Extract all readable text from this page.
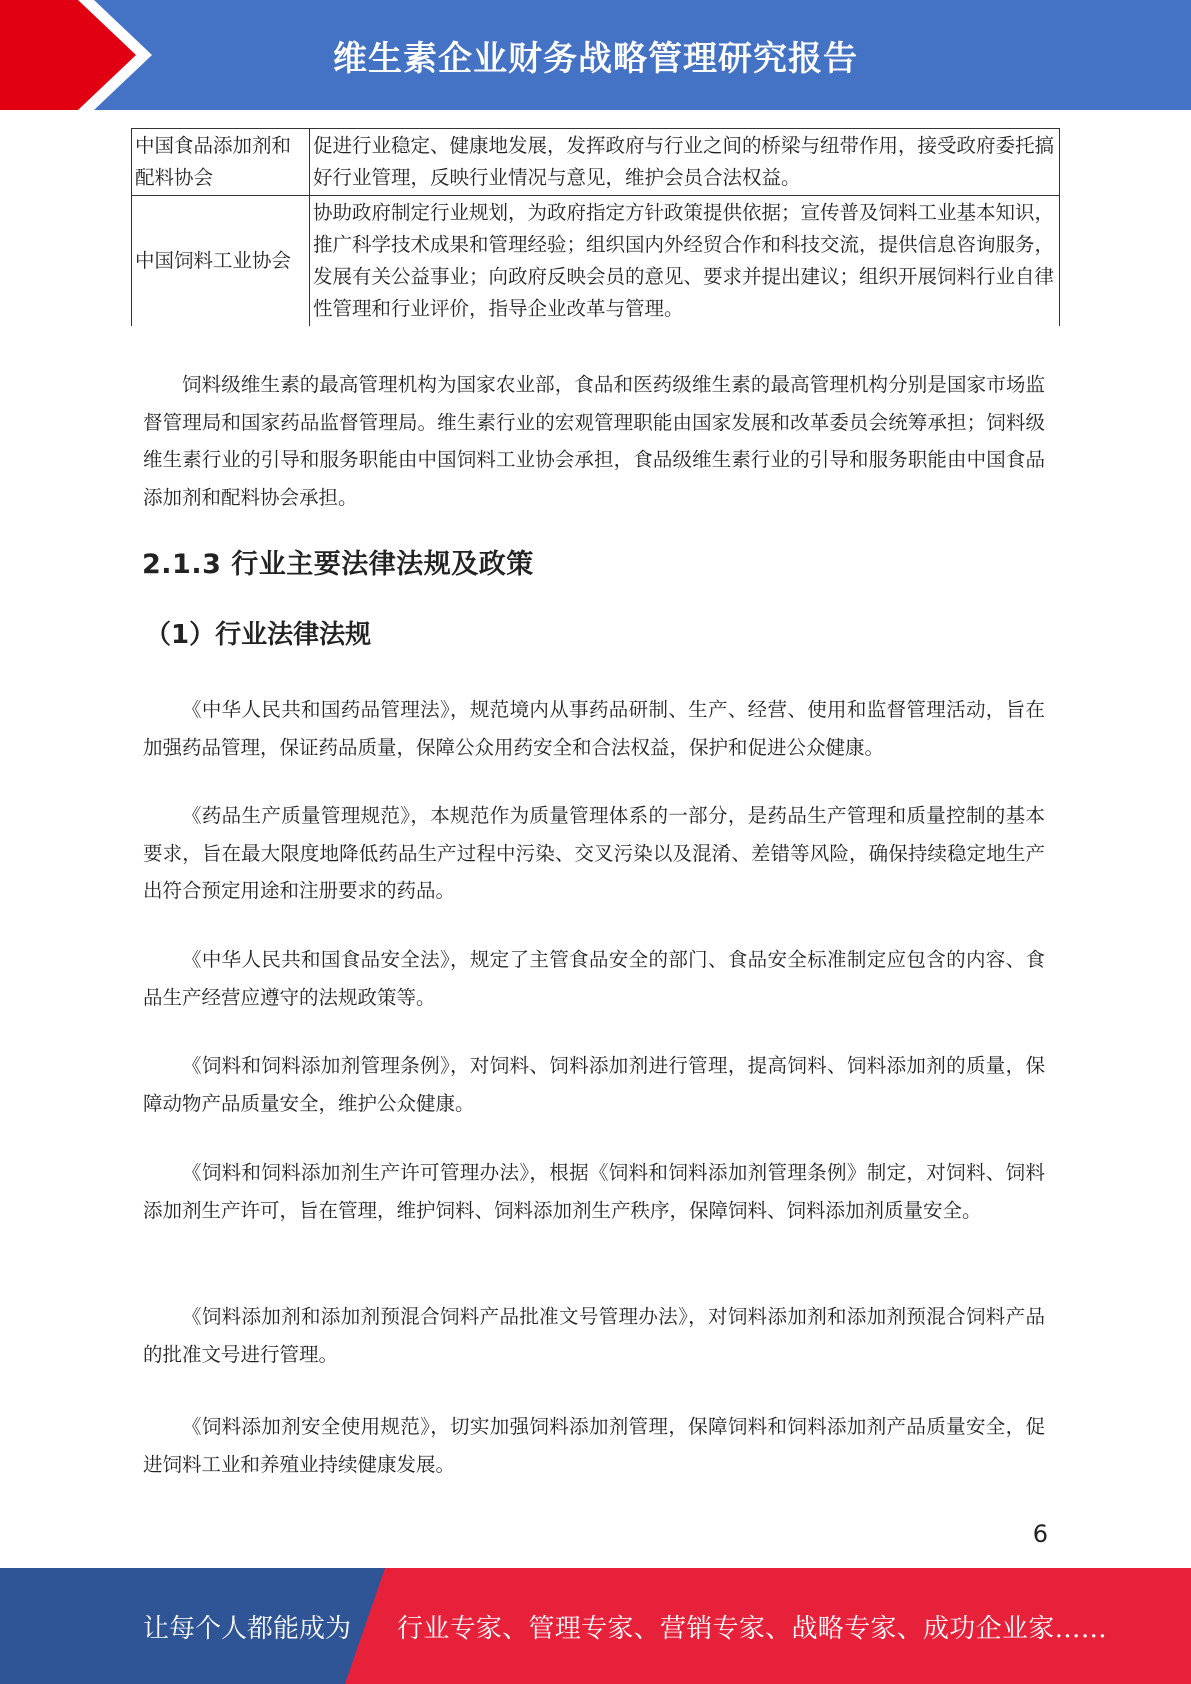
维生素企业财务战略管理研究报告
中国食品添加剂和配料协会	促进行业稳定、健康地发展，发挥政府与行业之间的桥梁与纽带作用，接受政府委托搞好行业管理，反映行业情况与意见，维护会员合法权益。
中国饲料工业协会	协助政府制定行业规划，为政府指定方针政策提供依据；宣传普及饲料工业基本知识，推广科学技术成果和管理经验；组织国内外经贸合作和科技交流，提供信息咨询服务，发展有关公益事业；向政府反映会员的意见、要求并提出建议；组织开展饲料行业自律性管理和行业评价，指导企业改革与管理。

饲料级维生素的最高管理机构为国家农业部，食品和医药级维生素的最高管理机构分别是国家市场监督管理局和国家药品监督管理局。维生素行业的宏观管理职能由国家发展和改革委员会统筹承担；饲料级维生素行业的引导和服务职能由中国饲料工业协会承担，食品级维生素行业的引导和服务职能由中国食品添加剂和配料协会承担。

2.1.3 行业主要法律法规及政策
（1）行业法律法规

《中华人民共和国药品管理法》，规范境内从事药品研制、生产、经营、使用和监督管理活动，旨在加强药品管理，保证药品质量，保障公众用药安全和合法权益，保护和促进公众健康。

《药品生产质量管理规范》，本规范作为质量管理体系的一部分，是药品生产管理和质量控制的基本要求，旨在最大限度地降低药品生产过程中污染、交叉污染以及混淆、差错等风险，确保持续稳定地生产出符合预定用途和注册要求的药品。

《中华人民共和国食品安全法》，规定了主管食品安全的部门、食品安全标准制定应包含的内容、食品生产经营应遵守的法规政策等。

《饲料和饲料添加剂管理条例》，对饲料、饲料添加剂进行管理，提高饲料、饲料添加剂的质量，保障动物产品质量安全，维护公众健康。

《饲料和饲料添加剂生产许可管理办法》，根据《饲料和饲料添加剂管理条例》制定，对饲料、饲料添加剂生产许可，旨在管理，维护饲料、饲料添加剂生产秩序，保障饲料、饲料添加剂质量安全。

《饲料添加剂和添加剂预混合饲料产品批准文号管理办法》，对饲料添加剂和添加剂预混合饲料产品的批准文号进行管理。

《饲料添加剂安全使用规范》，切实加强饲料添加剂管理，保障饲料和饲料添加剂产品质量安全，促进饲料工业和养殖业持续健康发展。

6
让每个人都能成为 行业专家、管理专家、营销专家、战略专家、成功企业家……
